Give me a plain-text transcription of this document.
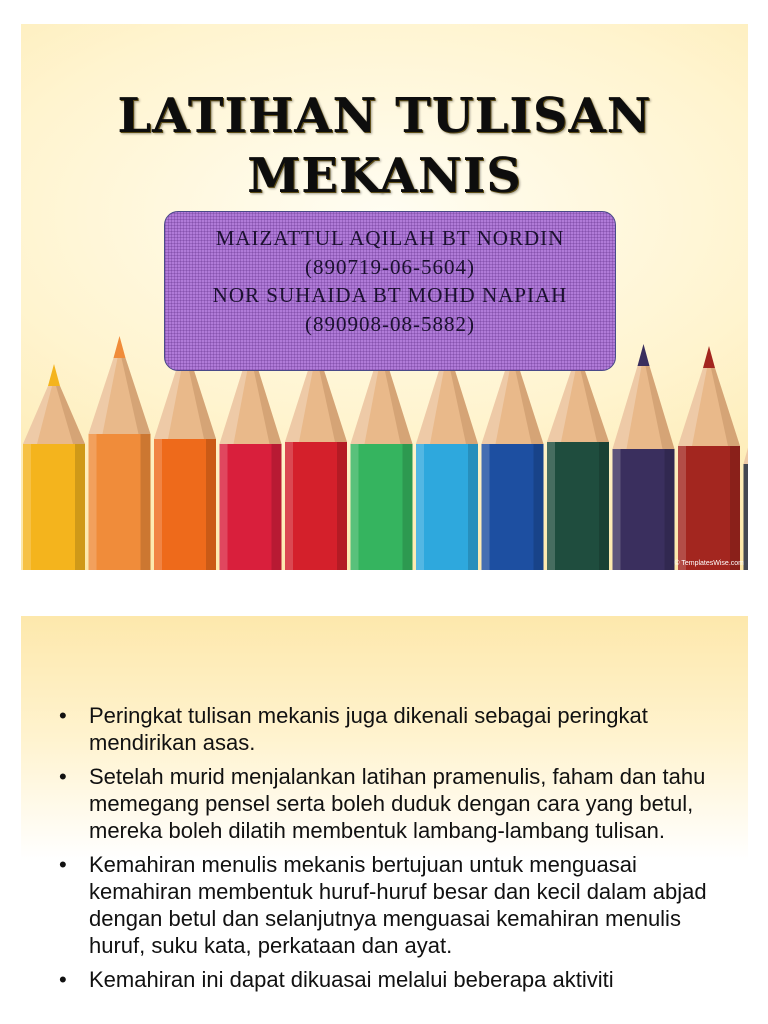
LATIHAN TULISAN
MEKANIS
MAIZATTUL AQILAH BT NORDIN
(890719-06-5604)
NOR SUHAIDA BT MOHD NAPIAH
(890908-08-5882)
© TemplatesWise.com
• Peringkat tulisan mekanis juga dikenali sebagai peringkat mendirikan asas.
• Setelah murid menjalankan latihan pramenulis, faham dan tahu memegang pensel serta boleh duduk dengan cara yang betul, mereka boleh dilatih membentuk lambang-lambang tulisan.
• Kemahiran menulis mekanis bertujuan untuk menguasai kemahiran membentuk huruf-huruf besar dan kecil dalam abjad dengan betul dan selanjutnya menguasai kemahiran menulis huruf, suku kata, perkataan dan ayat.
• Kemahiran ini dapat dikuasai melalui beberapa aktiviti
